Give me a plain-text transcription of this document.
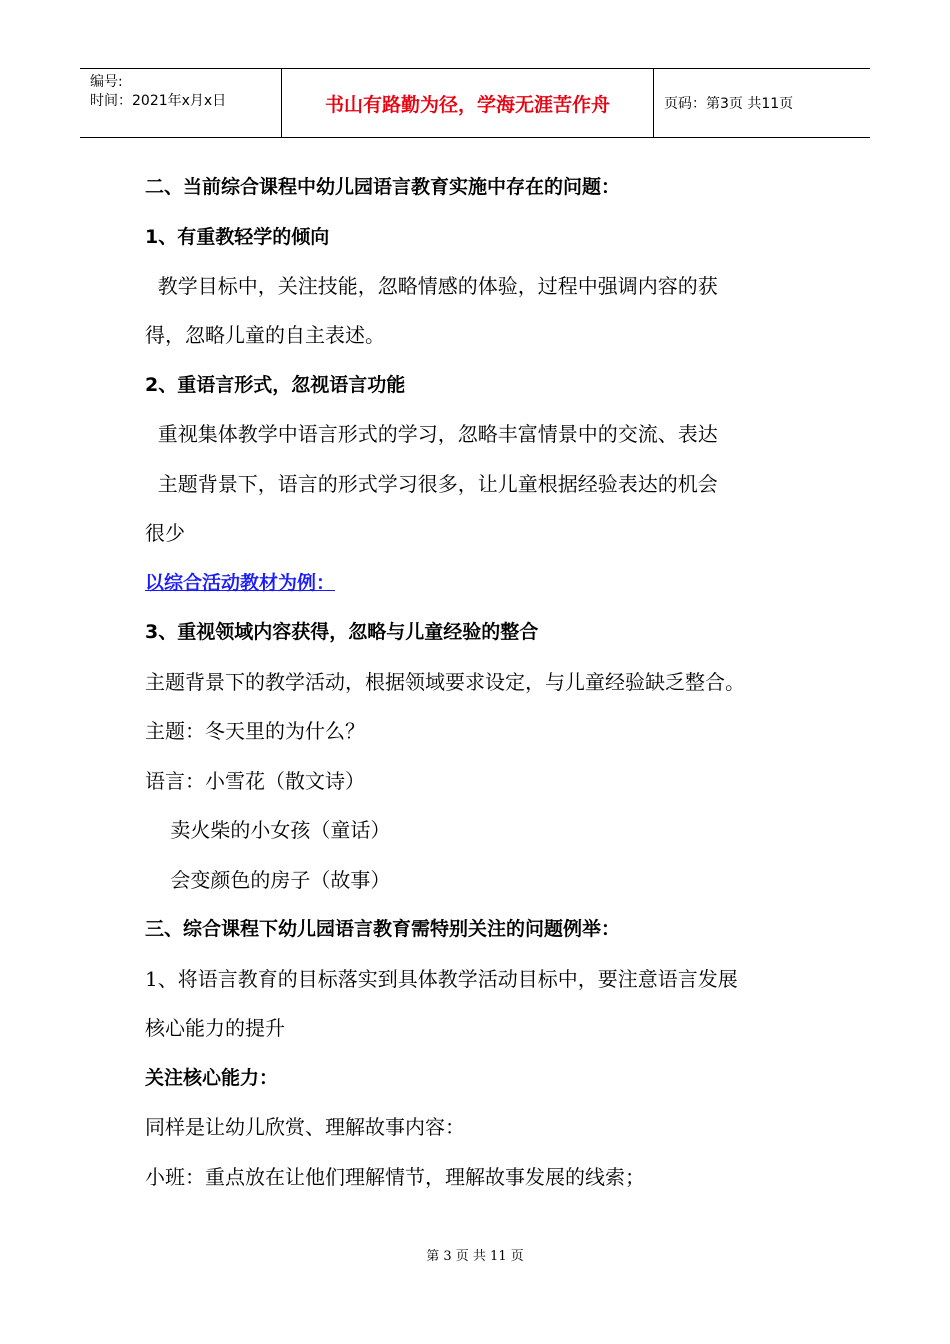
编号:
时间：2021年x月x日	书山有路勤为径，学海无涯苦作舟	页码：第3页 共11页
二、当前综合课程中幼儿园语言教育实施中存在的问题：
1、有重教轻学的倾向
教学目标中，关注技能，忽略情感的体验，过程中强调内容的获
得，忽略儿童的自主表述。
2、重语言形式，忽视语言功能
重视集体教学中语言形式的学习，忽略丰富情景中的交流、表达
主题背景下，语言的形式学习很多，让儿童根据经验表达的机会
很少
以综合活动教材为例：
3、重视领域内容获得，忽略与儿童经验的整合
主题背景下的教学活动，根据领域要求设定，与儿童经验缺乏整合。
主题：冬天里的为什么？
语言：小雪花（散文诗）
卖火柴的小女孩（童话）
会变颜色的房子（故事）
三、综合课程下幼儿园语言教育需特别关注的问题例举：
1、将语言教育的目标落实到具体教学活动目标中，要注意语言发展
核心能力的提升
关注核心能力：
同样是让幼儿欣赏、理解故事内容：
小班：重点放在让他们理解情节，理解故事发展的线索；
第 3 页 共 11 页
